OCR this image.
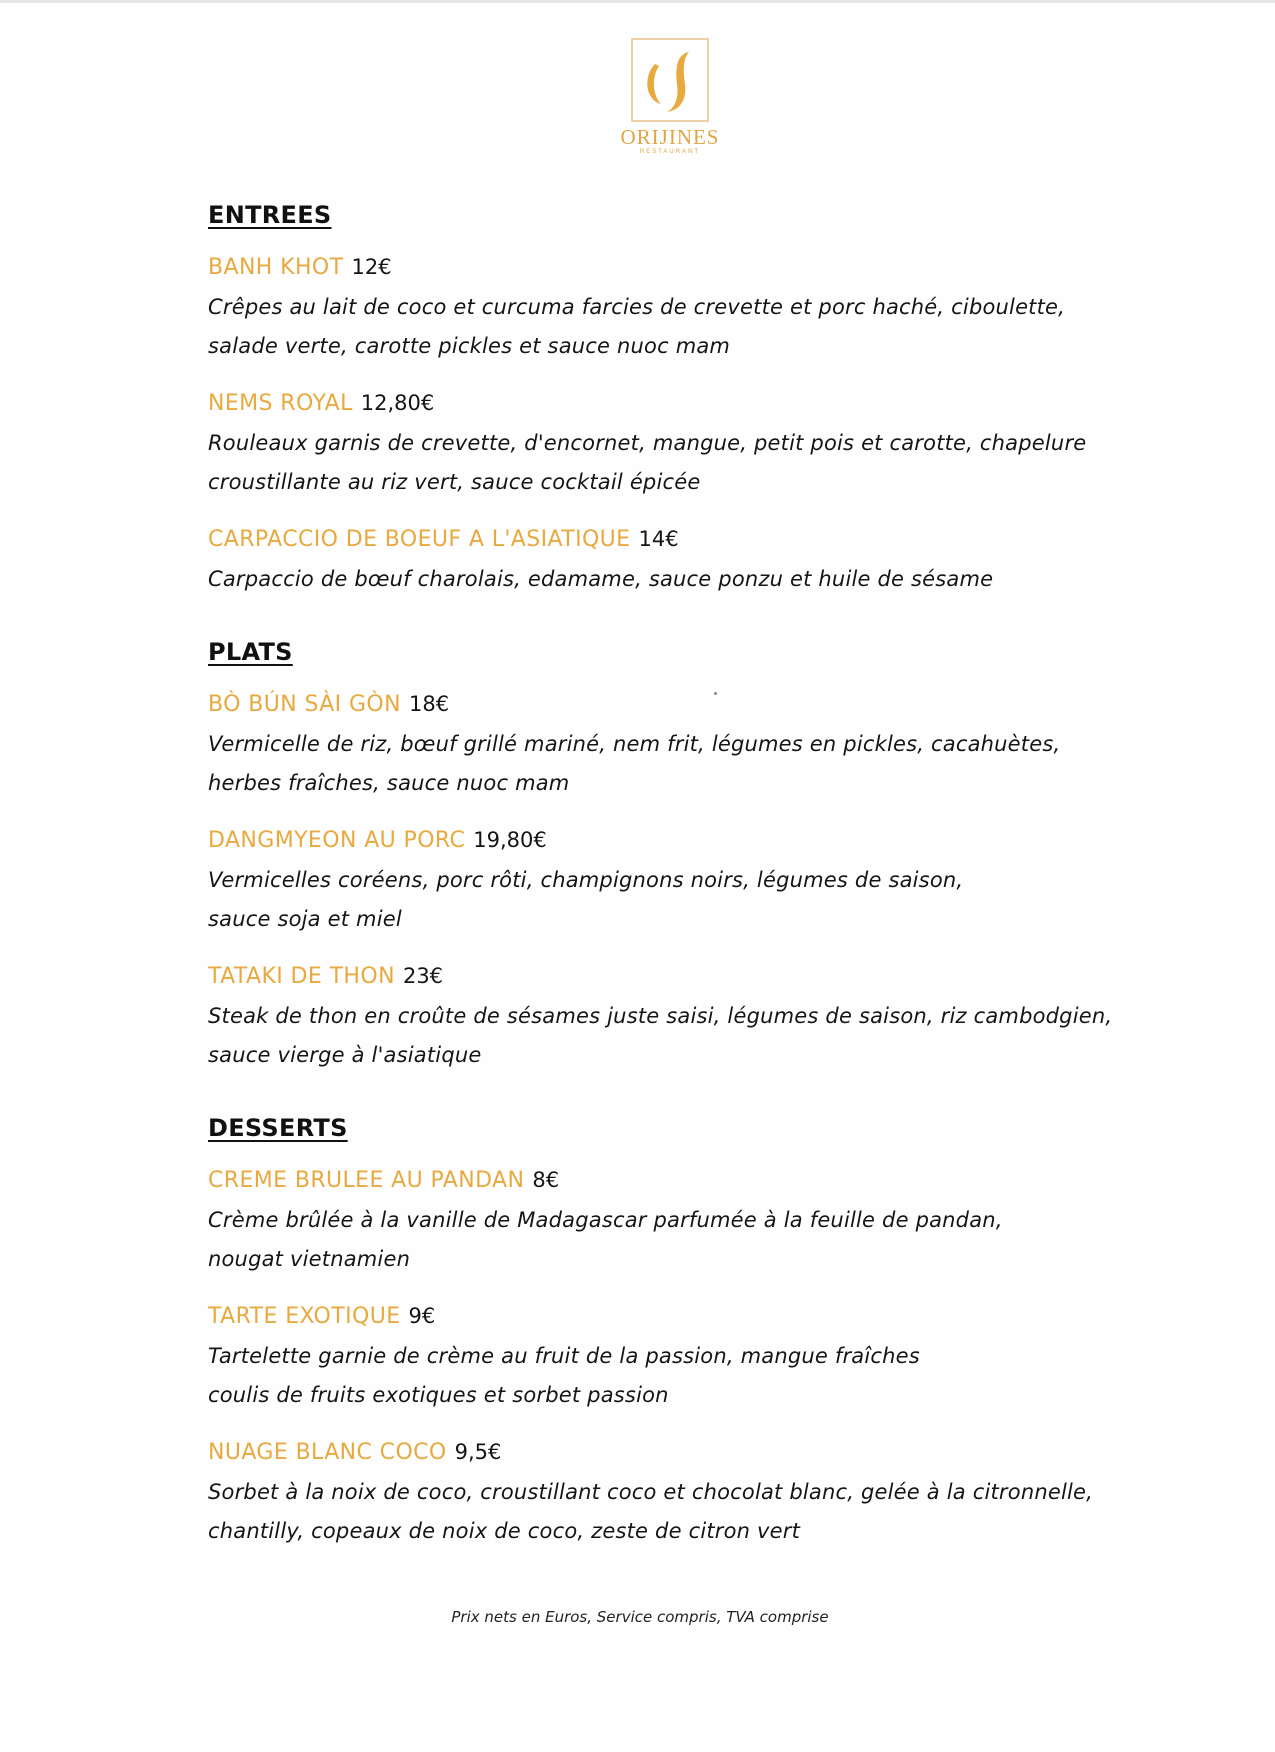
ORIJINES
RESTAURANT
ENTREES
BANH KHOT 12€
Crêpes au lait de coco et curcuma farcies de crevette et porc haché, ciboulette,
salade verte, carotte pickles et sauce nuoc mam
NEMS ROYAL 12,80€
Rouleaux garnis de crevette, d'encornet, mangue, petit pois et carotte, chapelure
croustillante au riz vert, sauce cocktail épicée
CARPACCIO DE BOEUF A L'ASIATIQUE 14€
Carpaccio de bœuf charolais, edamame, sauce ponzu et huile de sésame
PLATS
BÒ BÚN SÀI GÒN 18€
Vermicelle de riz, bœuf grillé mariné, nem frit, légumes en pickles, cacahuètes,
herbes fraîches, sauce nuoc mam
DANGMYEON AU PORC 19,80€
Vermicelles coréens, porc rôti, champignons noirs, légumes de saison,
sauce soja et miel
TATAKI DE THON 23€
Steak de thon en croûte de sésames juste saisi, légumes de saison, riz cambodgien,
sauce vierge à l'asiatique
DESSERTS
CREME BRULEE AU PANDAN 8€
Crème brûlée à la vanille de Madagascar parfumée à la feuille de pandan,
nougat vietnamien
TARTE EXOTIQUE 9€
Tartelette garnie de crème au fruit de la passion, mangue fraîches
coulis de fruits exotiques et sorbet passion
NUAGE BLANC COCO 9,5€
Sorbet à la noix de coco, croustillant coco et chocolat blanc, gelée à la citronnelle,
chantilly, copeaux de noix de coco, zeste de citron vert
Prix nets en Euros, Service compris, TVA comprise
